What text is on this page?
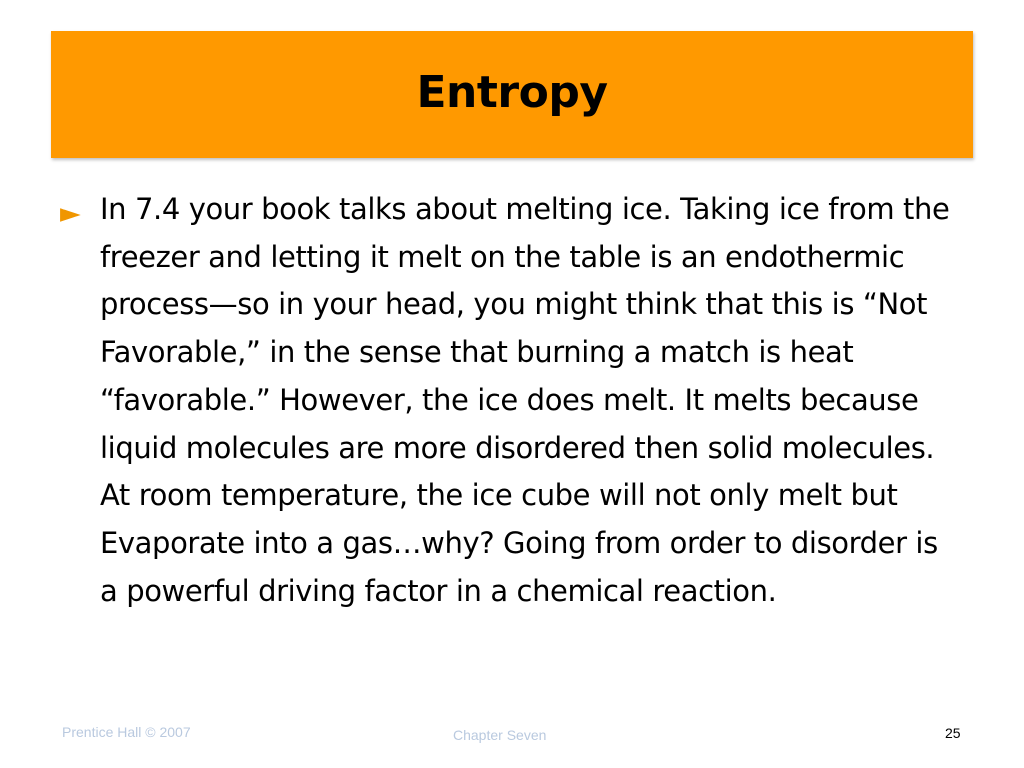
Entropy
► In 7.4 your book talks about melting ice. Taking ice from the freezer and letting it melt on the table is an endothermic process—so in your head, you might think that this is “Not Favorable,” in the sense that burning a match is heat “favorable.” However, the ice does melt. It melts because liquid molecules are more disordered then solid molecules. At room temperature, the ice cube will not only melt but Evaporate into a gas…why? Going from order to disorder is a powerful driving factor in a chemical reaction.
Prentice Hall © 2007	Chapter Seven	25
